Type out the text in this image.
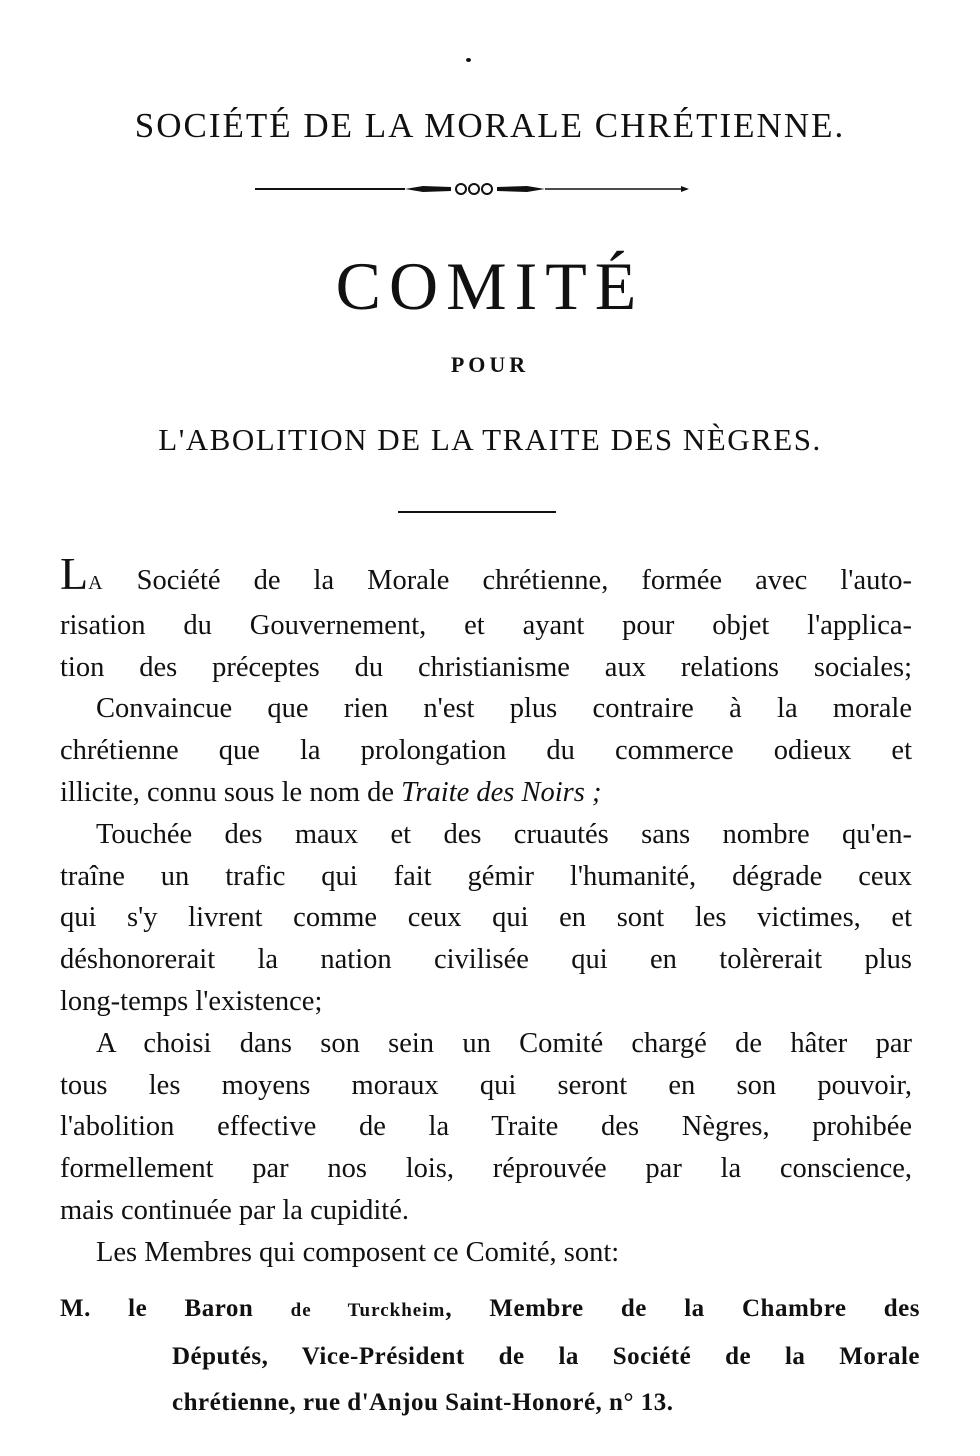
SOCIÉTÉ DE LA MORALE CHRÉTIENNE.
COMITÉ
POUR
L'ABOLITION DE LA TRAITE DES NÈGRES.
LA Société de la Morale chrétienne, formée avec l'auto-
risation du Gouvernement, et ayant pour objet l'applica-
tion des préceptes du christianisme aux relations sociales;
Convaincue que rien n'est plus contraire à la morale
chrétienne que la prolongation du commerce odieux et
illicite, connu sous le nom de Traite des Noirs ;
Touchée des maux et des cruautés sans nombre qu'en-
traîne un trafic qui fait gémir l'humanité, dégrade ceux
qui s'y livrent comme ceux qui en sont les victimes, et
déshonorerait la nation civilisée qui en tolèrerait plus
long-temps l'existence;
A choisi dans son sein un Comité chargé de hâter par
tous les moyens moraux qui seront en son pouvoir,
l'abolition effective de la Traite des Nègres, prohibée
formellement par nos lois, réprouvée par la conscience,
mais continuée par la cupidité.
Les Membres qui composent ce Comité, sont:
M. le Baron de Turckheim, Membre de la Chambre des
Députés, Vice-Président de la Société de la Morale
chrétienne, rue d'Anjou Saint-Honoré, n° 13.
